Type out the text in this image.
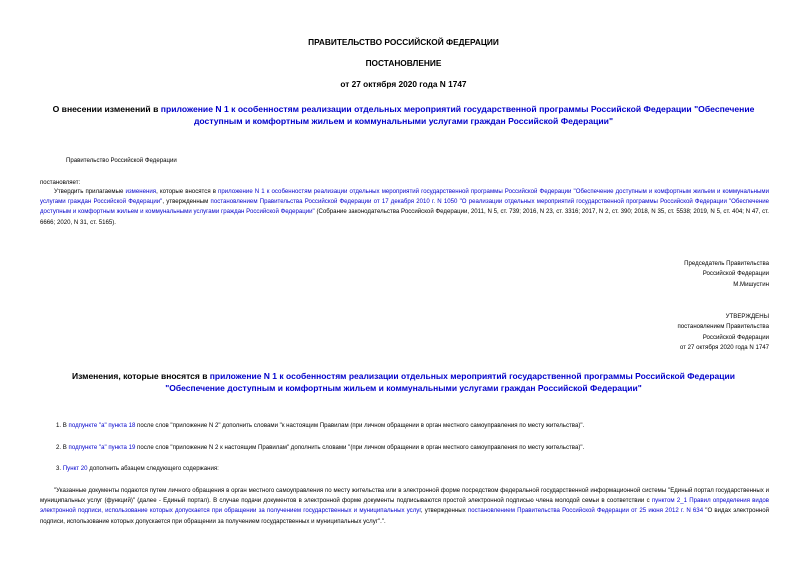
ПРАВИТЕЛЬСТВО РОССИЙСКОЙ ФЕДЕРАЦИИ
ПОСТАНОВЛЕНИЕ
от 27 октября 2020 года N 1747
О внесении изменений в приложение N 1 к особенностям реализации отдельных мероприятий государственной программы Российской Федерации "Обеспечение доступным и комфортным жильем и коммунальными услугами граждан Российской Федерации"
Правительство Российской Федерации
постановляет:
Утвердить прилагаемые изменения, которые вносятся в приложение N 1 к особенностям реализации отдельных мероприятий государственной программы Российской Федерации "Обеспечение доступным и комфортным жильем и коммунальными услугами граждан Российской Федерации", утвержденным постановлением Правительства Российской Федерации от 17 декабря 2010 г. N 1050 "О реализации отдельных мероприятий государственной программы Российской Федерации "Обеспечение доступным и комфортным жильем и коммунальными услугами граждан Российской Федерации" (Собрание законодательства Российской Федерации, 2011, N 5, ст. 739; 2016, N 23, ст. 3316; 2017, N 2, ст. 390; 2018, N 35, ст. 5538; 2019, N 5, ст. 404; N 47, ст. 6666; 2020, N 31, ст. 5165).
Председатель Правительства
Российской Федерации
М.Мишустин
УТВЕРЖДЕНЫ
постановлением Правительства
Российской Федерации
от 27 октября 2020 года N 1747
Изменения, которые вносятся в приложение N 1 к особенностям реализации отдельных мероприятий государственной программы Российской Федерации "Обеспечение доступным и комфортным жильем и коммунальными услугами граждан Российской Федерации"
1. В подпункте "а" пункта 18 после слов "приложение N 2" дополнить словами "к настоящим Правилам (при личном обращении в орган местного самоуправления по месту жительства)".
2. В подпункте "а" пункта 19 после слов "приложение N 2 к настоящим Правилам" дополнить словами "(при личном обращении в орган местного самоуправления по месту жительства)".
3. Пункт 20 дополнить абзацем следующего содержания:
"Указанные документы подаются путем личного обращения в орган местного самоуправления по месту жительства или в электронной форме посредством федеральной государственной информационной системы "Единый портал государственных и муниципальных услуг (функций)" (далее - Единый портал). В случае подачи документов в электронной форме документы подписываются простой электронной подписью члена молодой семьи в соответствии с пунктом 2_1 Правил определения видов электронной подписи, использование которых допускается при обращении за получением государственных и муниципальных услуг, утвержденных постановлением Правительства Российской Федерации от 25 июня 2012 г. N 634 "О видах электронной подписи, использование которых допускается при обращении за получением государственных и муниципальных услуг".".
